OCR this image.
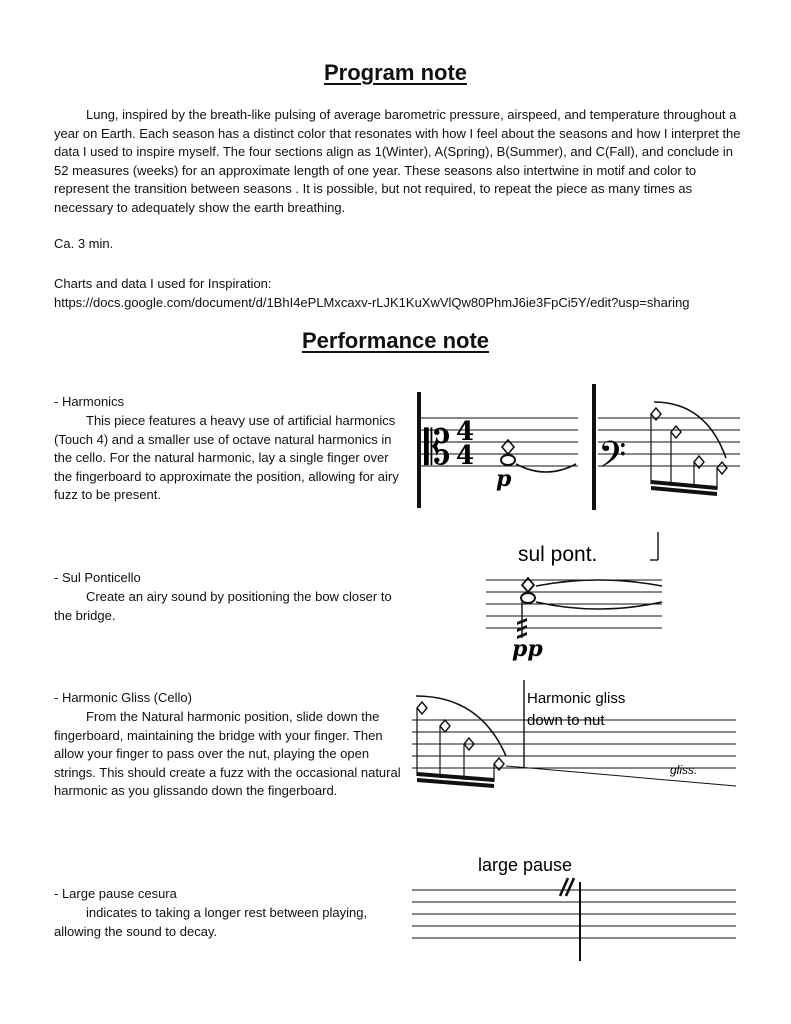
Program note
Lung, inspired by the breath-like pulsing of average barometric pressure, airspeed, and temperature throughout a year on Earth. Each season has a distinct color that resonates with how I feel about the seasons and how I interpret the data I used to inspire myself. The four sections align as 1(Winter), A(Spring), B(Summer), and C(Fall), and conclude in 52 measures (weeks) for an approximate length of one year. These seasons also intertwine in motif and color to represent the transition between seasons . It is possible, but not required, to repeat the piece as many times as necessary to adequately show the earth breathing.
Ca. 3 min.
Charts and data I used for Inspiration:
https://docs.google.com/document/d/1BhI4ePLMxcaxv-rLJK1KuXwVlQw80PhmJ6ie3FpCi5Y/edit?usp=sharing
Performance note
- Harmonics
This piece features a heavy use of artificial harmonics (Touch 4) and a smaller use of octave natural harmonics in the cello. For the natural harmonic, lay a single finger over the fingerboard to approximate the position, allowing for airy fuzz to be present.
𝄡 4
4
p 𝄢
- Sul Ponticello
Create an airy sound by positioning the bow closer to the bridge.
sul pont.
pp
- Harmonic Gliss (Cello)
From the Natural harmonic position, slide down the fingerboard, maintaining the bridge with your finger. Then allow your finger to pass over the nut, playing the open strings. This should create a fuzz with the occasional natural harmonic as you glissando down the fingerboard.
Harmonic gliss
down to nut
gliss.
- Large pause cesura
indicates to taking a longer rest between playing, allowing the sound to decay.
large pause
